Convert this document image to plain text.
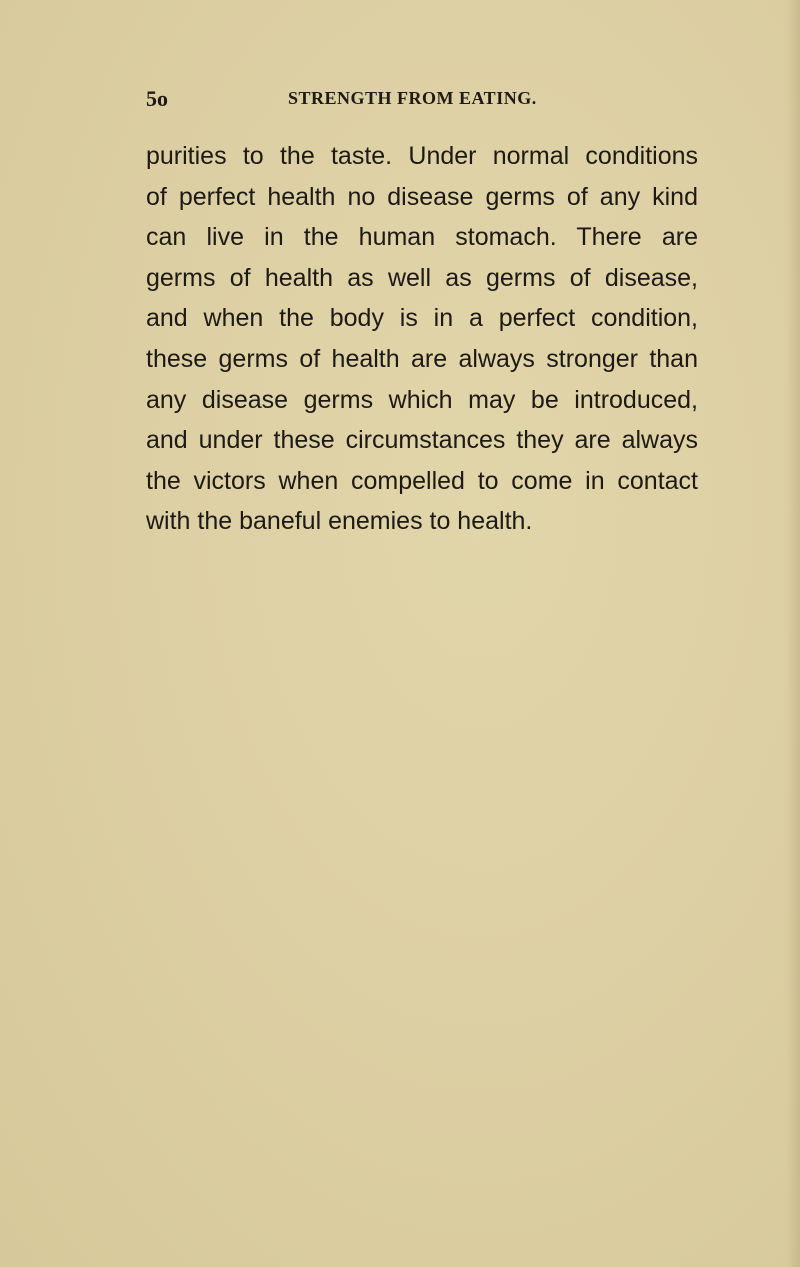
5o	STRENGTH FROM EATING.
purities to the taste. Under normal conditions
of perfect health no disease germs of any kind
can live in the human stomach. There are
germs of health as well as germs of disease,
and when the body is in a perfect condition,
these germs of health are always stronger than
any disease germs which may be introduced,
and under these circumstances they are always
the victors when compelled to come in contact
with the baneful enemies to health.
